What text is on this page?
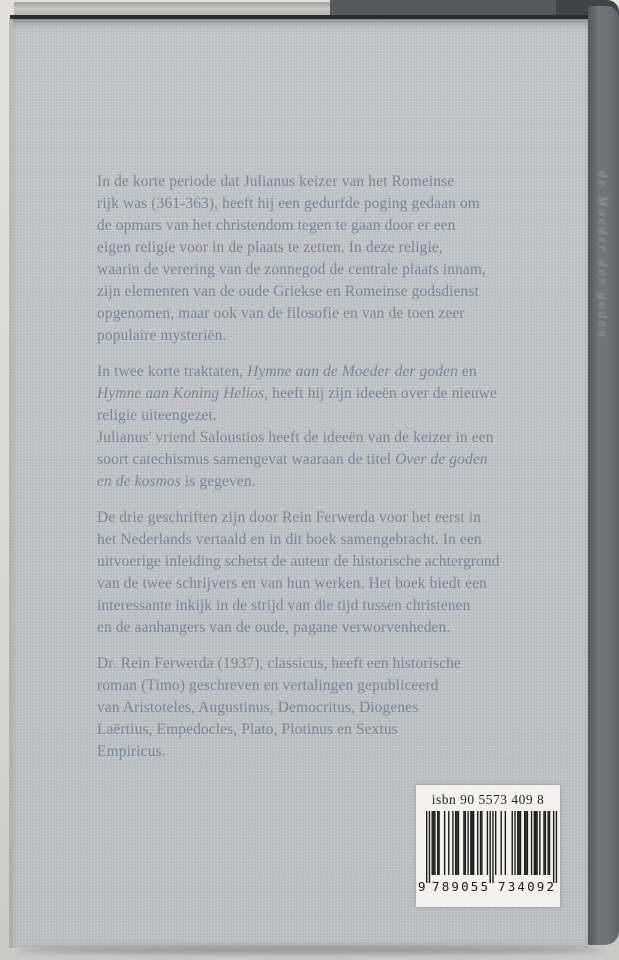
In de korte periode dat Julianus keizer van het Romeinse
rijk was (361-363), heeft hij een gedurfde poging gedaan om
de opmars van het christendom tegen te gaan door er een
eigen religie voor in de plaats te zetten. In deze religie,
waarin de verering van de zonnegod de centrale plaats innam,
zijn elementen van de oude Griekse en Romeinse godsdienst
opgenomen, maar ook van de filosofie en van de toen zeer
populaire mysteriën.
In twee korte traktaten, Hymne aan de Moeder der goden en
Hymne aan Koning Helios, heeft hij zijn ideeën over de nieuwe
religie uiteengezet.
Julianus' vriend Saloustios heeft de ideeën van de keizer in een
soort catechismus samengevat waaraan de titel Over de goden
en de kosmos is gegeven.
De drie geschriften zijn door Rein Ferwerda voor het eerst in
het Nederlands vertaald en in dit boek samengebracht. In een
uitvoerige inleiding schetst de auteur de historische achtergrond
van de twee schrijvers en van hun werken. Het boek biedt een
interessante inkijk in de strijd van die tijd tussen christenen
en de aanhangers van de oude, pagane verworvenheden.
Dr. Rein Ferwerda (1937), classicus, heeft een historische
roman (Timo) geschreven en vertalingen gepubliceerd
van Aristoteles, Augustinus, Democritus, Diogenes
Laërtius, Empedocles, Plato, Plotinus en Sextus
Empiricus.
isbn 90 5573 409 8
9 789055 734092
de Moeder der goden
